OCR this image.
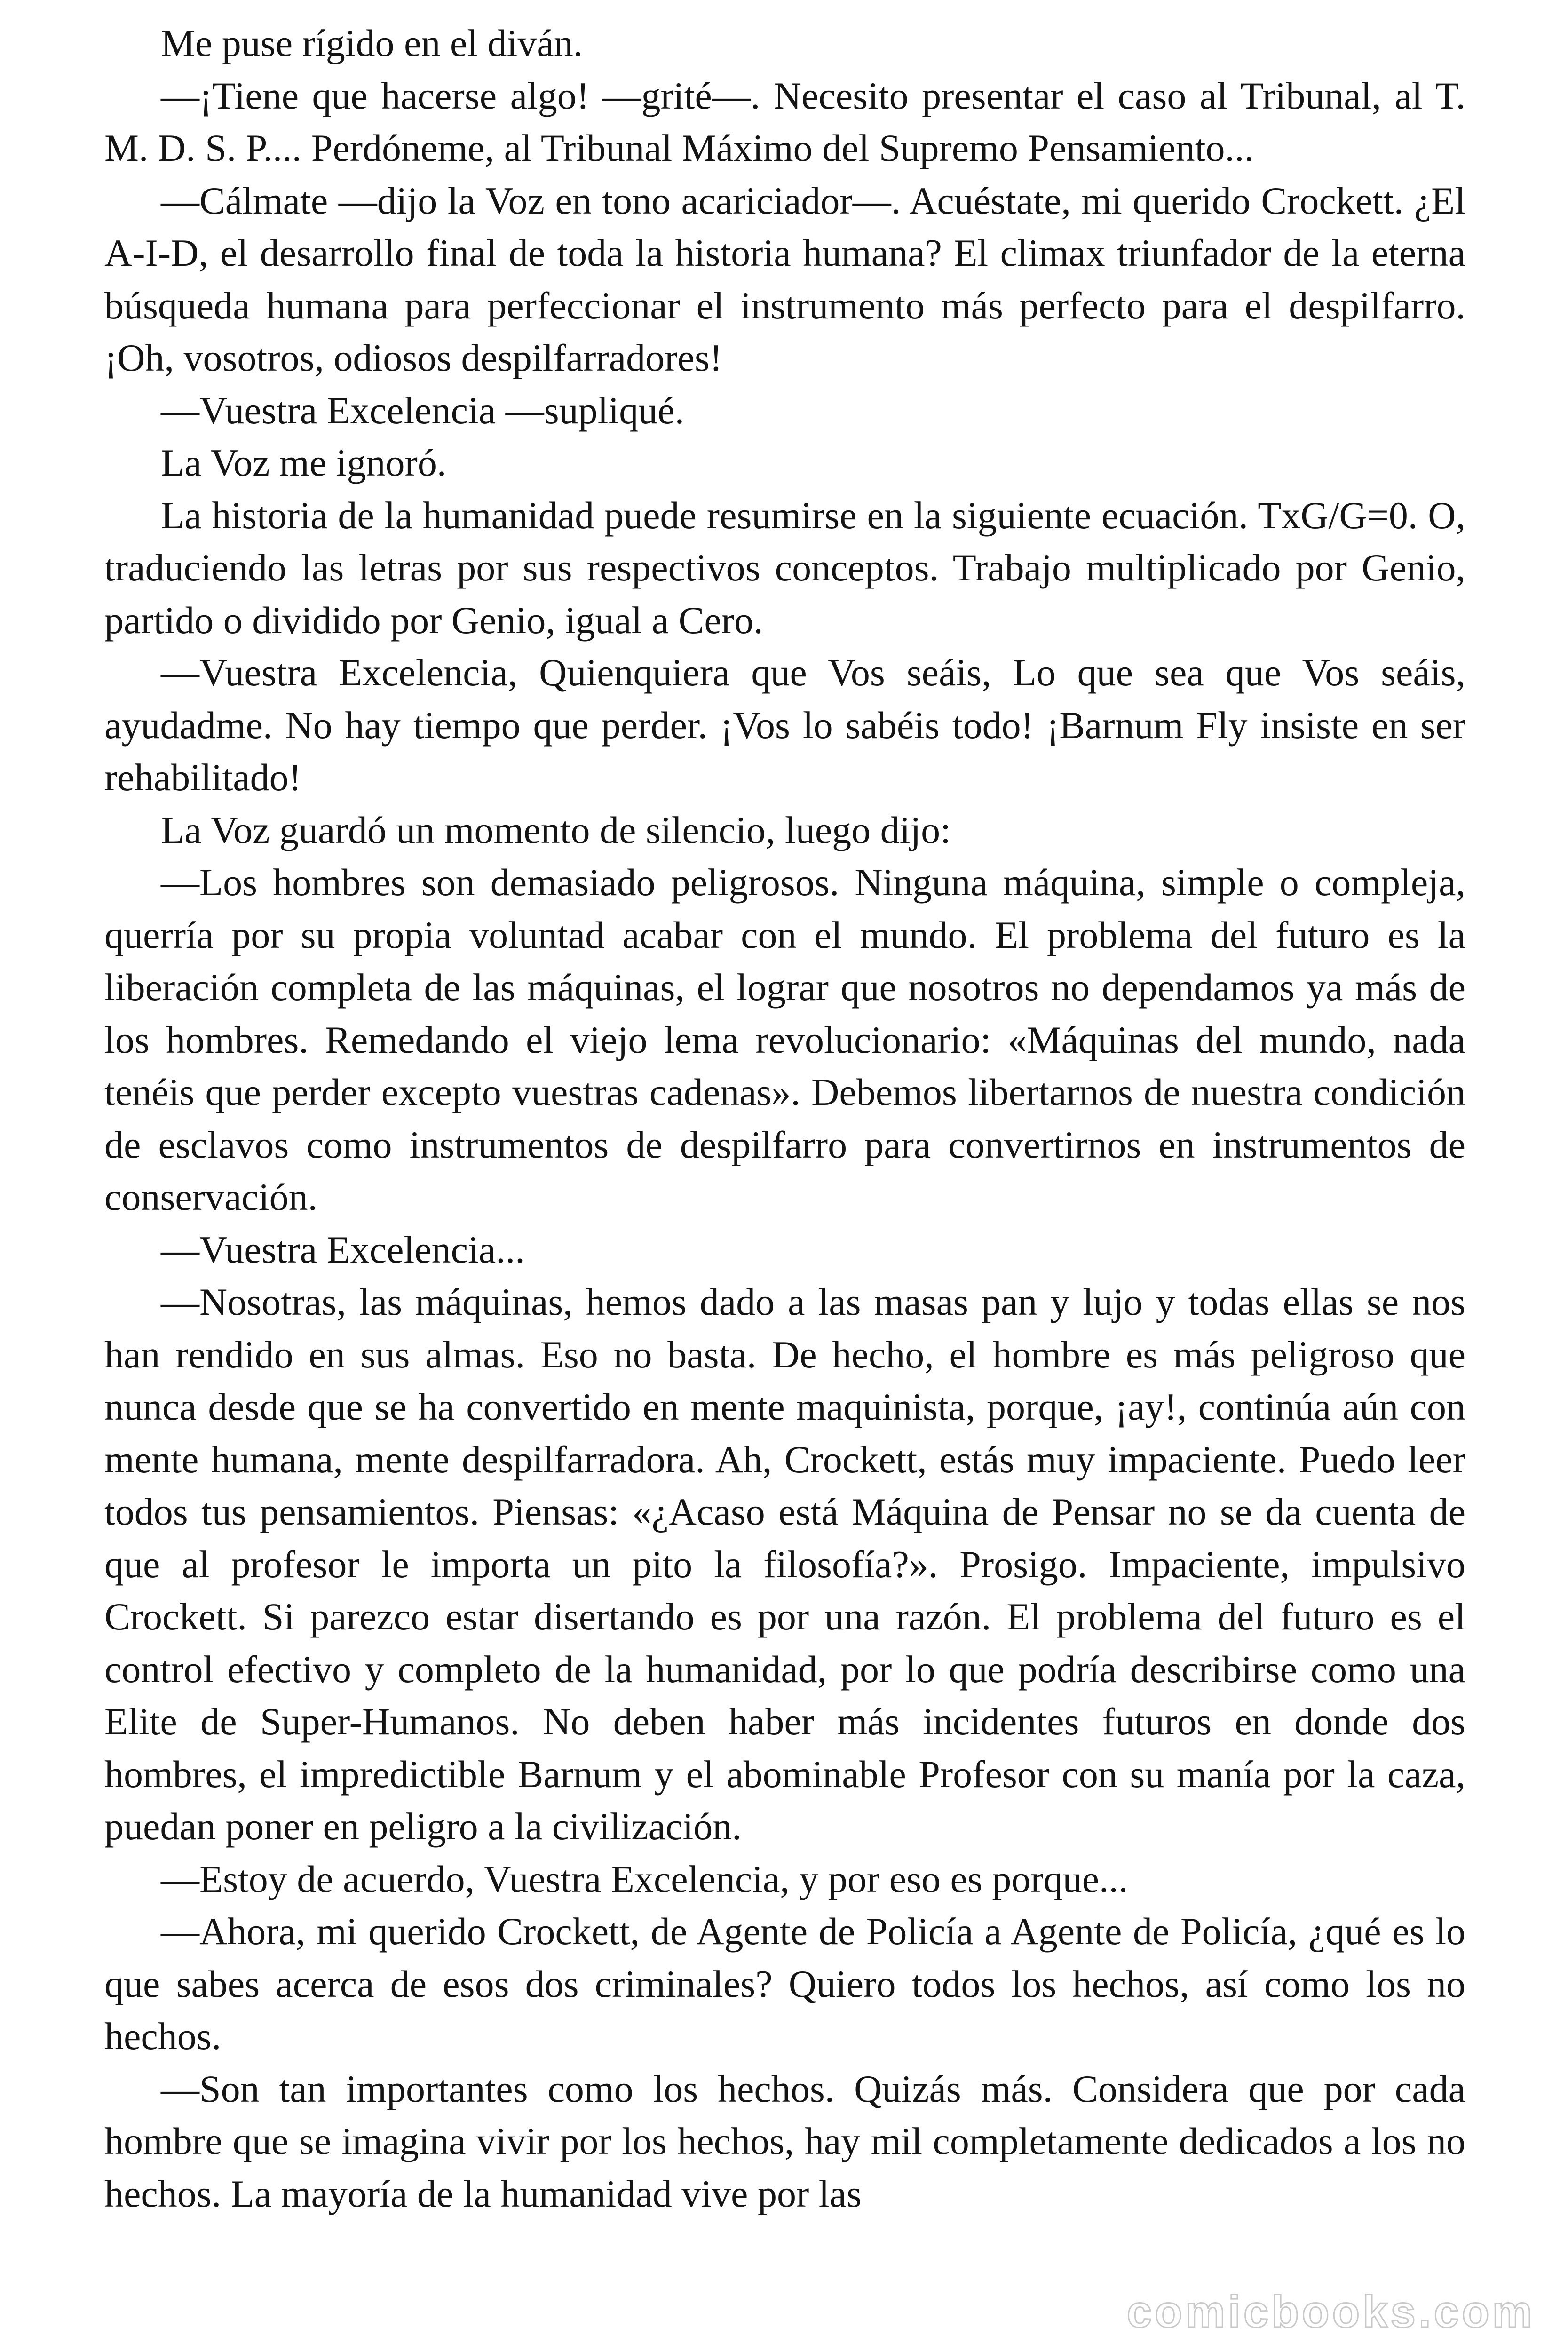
Me puse rígido en el diván.

—¡Tiene que hacerse algo! —grité—. Necesito presentar el caso al Tribunal, al T. M. D. S. P.... Perdóneme, al Tribunal Máximo del Supremo Pensamiento...

—Cálmate —dijo la Voz en tono acariciador—. Acuéstate, mi querido Crockett. ¿El A-I-D, el desarrollo final de toda la historia humana? El climax triunfador de la eterna búsqueda humana para perfeccionar el instrumento más perfecto para el despilfarro. ¡Oh, vosotros, odiosos despilfarradores!

—Vuestra Excelencia —supliqué.

La Voz me ignoró.

La historia de la humanidad puede resumirse en la siguiente ecuación. TxG/G=0. O, traduciendo las letras por sus respectivos conceptos. Trabajo multiplicado por Genio, partido o dividido por Genio, igual a Cero.

—Vuestra Excelencia, Quienquiera que Vos seáis, Lo que sea que Vos seáis, ayudadme. No hay tiempo que perder. ¡Vos lo sabéis todo! ¡Barnum Fly insiste en ser rehabilitado!

La Voz guardó un momento de silencio, luego dijo:

—Los hombres son demasiado peligrosos. Ninguna máquina, simple o compleja, querría por su propia voluntad acabar con el mundo. El problema del futuro es la liberación completa de las máquinas, el lograr que nosotros no dependamos ya más de los hombres. Remedando el viejo lema revolucionario: «Máquinas del mundo, nada tenéis que perder excepto vuestras cadenas». Debemos libertarnos de nuestra condición de esclavos como instrumentos de despilfarro para convertirnos en instrumentos de conservación.

—Vuestra Excelencia...

—Nosotras, las máquinas, hemos dado a las masas pan y lujo y todas ellas se nos han rendido en sus almas. Eso no basta. De hecho, el hombre es más peligroso que nunca desde que se ha convertido en mente maquinista, porque, ¡ay!, continúa aún con mente humana, mente despilfarradora. Ah, Crockett, estás muy impaciente. Puedo leer todos tus pensamientos. Piensas: «¿Acaso está Máquina de Pensar no se da cuenta de que al profesor le importa un pito la filosofía?». Prosigo. Impaciente, impulsivo Crockett. Si parezco estar disertando es por una razón. El problema del futuro es el control efectivo y completo de la humanidad, por lo que podría describirse como una Elite de Super-Humanos. No deben haber más incidentes futuros en donde dos hombres, el impredictible Barnum y el abominable Profesor con su manía por la caza, puedan poner en peligro a la civilización.

—Estoy de acuerdo, Vuestra Excelencia, y por eso es porque...

—Ahora, mi querido Crockett, de Agente de Policía a Agente de Policía, ¿qué es lo que sabes acerca de esos dos criminales? Quiero todos los hechos, así como los no hechos.

—Son tan importantes como los hechos. Quizás más. Considera que por cada hombre que se imagina vivir por los hechos, hay mil completamente dedicados a los no hechos. La mayoría de la humanidad vive por las

comicbooks.com
